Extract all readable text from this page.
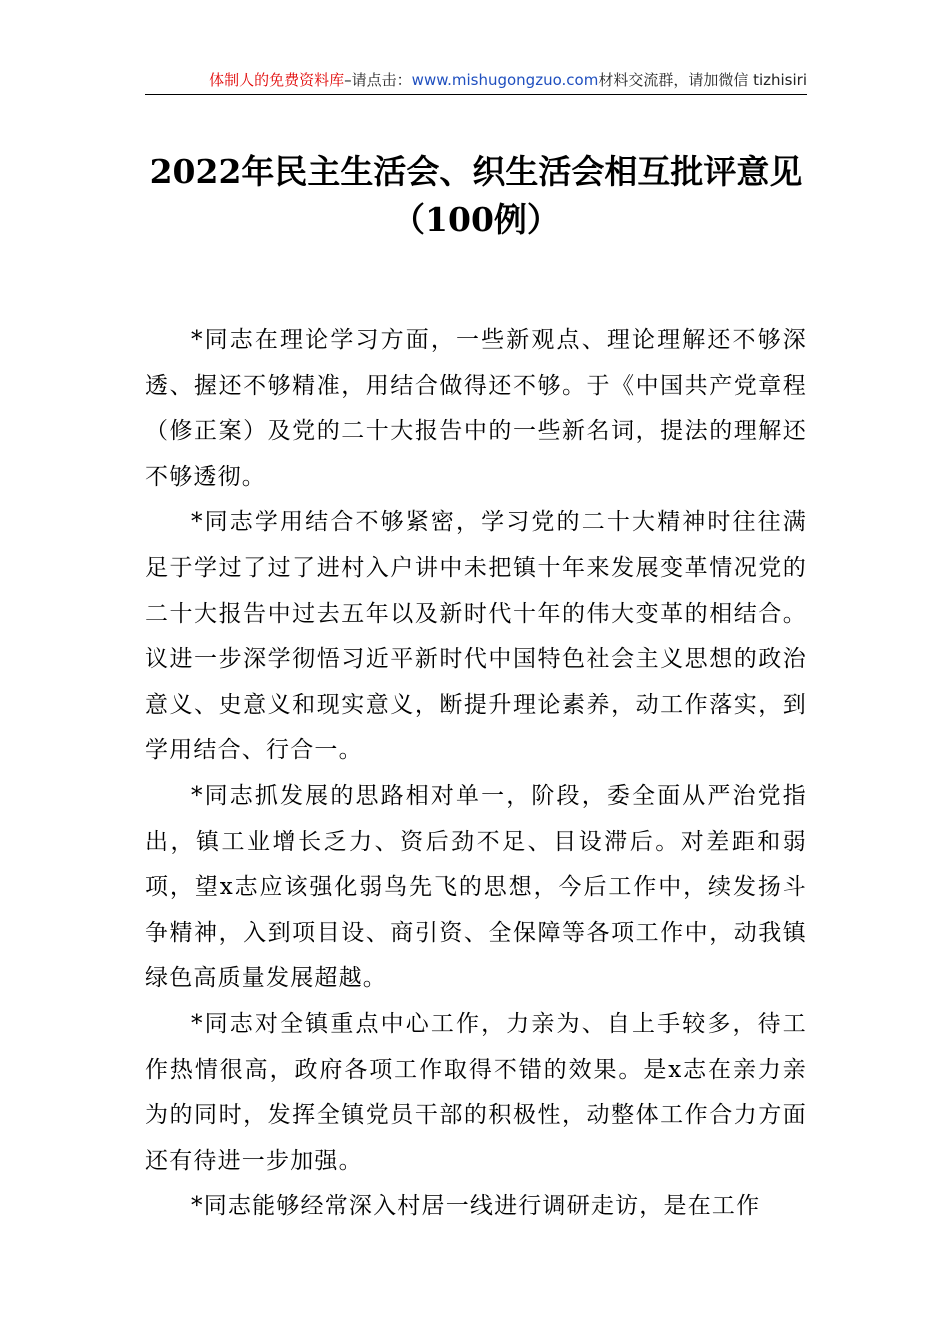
体制人的免费资料库–请点击：www.mishugongzuo.com材料交流群，请加微信 tizhisiri
2022年民主生活会、织生活会相互批评意见（100例）

*同志在理论学习方面，一些新观点、理论理解还不够深透、握还不够精准，用结合做得还不够。于《中国共产党章程（修正案）及党的二十大报告中的一些新名词，提法的理解还不够透彻。

*同志学用结合不够紧密，学习党的二十大精神时往往满足于学过了过了进村入户讲中未把镇十年来发展变革情况党的二十大报告中过去五年以及新时代十年的伟大变革的相结合。议进一步深学彻悟习近平新时代中国特色社会主义思想的政治意义、史意义和现实意义，断提升理论素养，动工作落实，到学用结合、行合一。

*同志抓发展的思路相对单一，阶段，委全面从严治党指出，镇工业增长乏力、资后劲不足、目设滞后。对差距和弱项，望x志应该强化弱鸟先飞的思想，今后工作中，续发扬斗争精神，入到项目设、商引资、全保障等各项工作中，动我镇绿色高质量发展超越。

*同志对全镇重点中心工作，力亲为、自上手较多，待工作热情很高，政府各项工作取得不错的效果。是x志在亲力亲为的同时，发挥全镇党员干部的积极性，动整体工作合力方面还有待进一步加强。

*同志能够经常深入村居一线进行调研走访，是在工作
